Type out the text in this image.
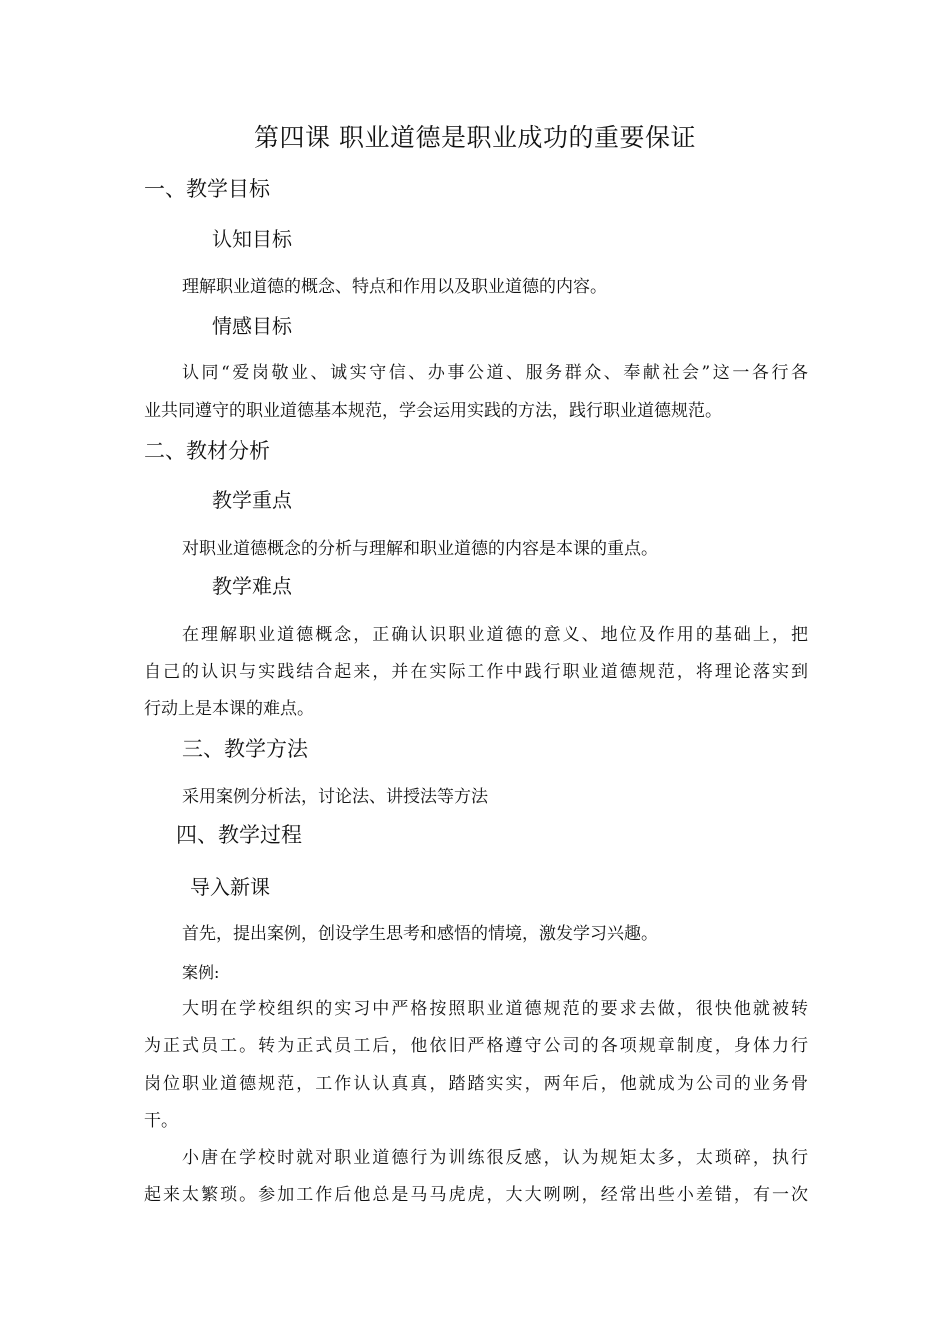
第四课 职业道德是职业成功的重要保证
一、教学目标
认知目标
理解职业道德的概念、特点和作用以及职业道德的内容。
情感目标
认同“爱岗敬业、诚实守信、办事公道、服务群众、奉献社会”这一各行各
业共同遵守的职业道德基本规范，学会运用实践的方法，践行职业道德规范。
二、教材分析
教学重点
对职业道德概念的分析与理解和职业道德的内容是本课的重点。
教学难点
在理解职业道德概念，正确认识职业道德的意义、地位及作用的基础上，把
自己的认识与实践结合起来，并在实际工作中践行职业道德规范，将理论落实到
行动上是本课的难点。
三、教学方法
采用案例分析法，讨论法、讲授法等方法
四、教学过程
导入新课
首先，提出案例，创设学生思考和感悟的情境，激发学习兴趣。
案例:
大明在学校组织的实习中严格按照职业道德规范的要求去做，很快他就被转
为正式员工。转为正式员工后，他依旧严格遵守公司的各项规章制度，身体力行
岗位职业道德规范，工作认认真真，踏踏实实，两年后，他就成为公司的业务骨
干。
小唐在学校时就对职业道德行为训练很反感，认为规矩太多，太琐碎，执行
起来太繁琐。参加工作后他总是马马虎虎，大大咧咧，经常出些小差错，有一次
